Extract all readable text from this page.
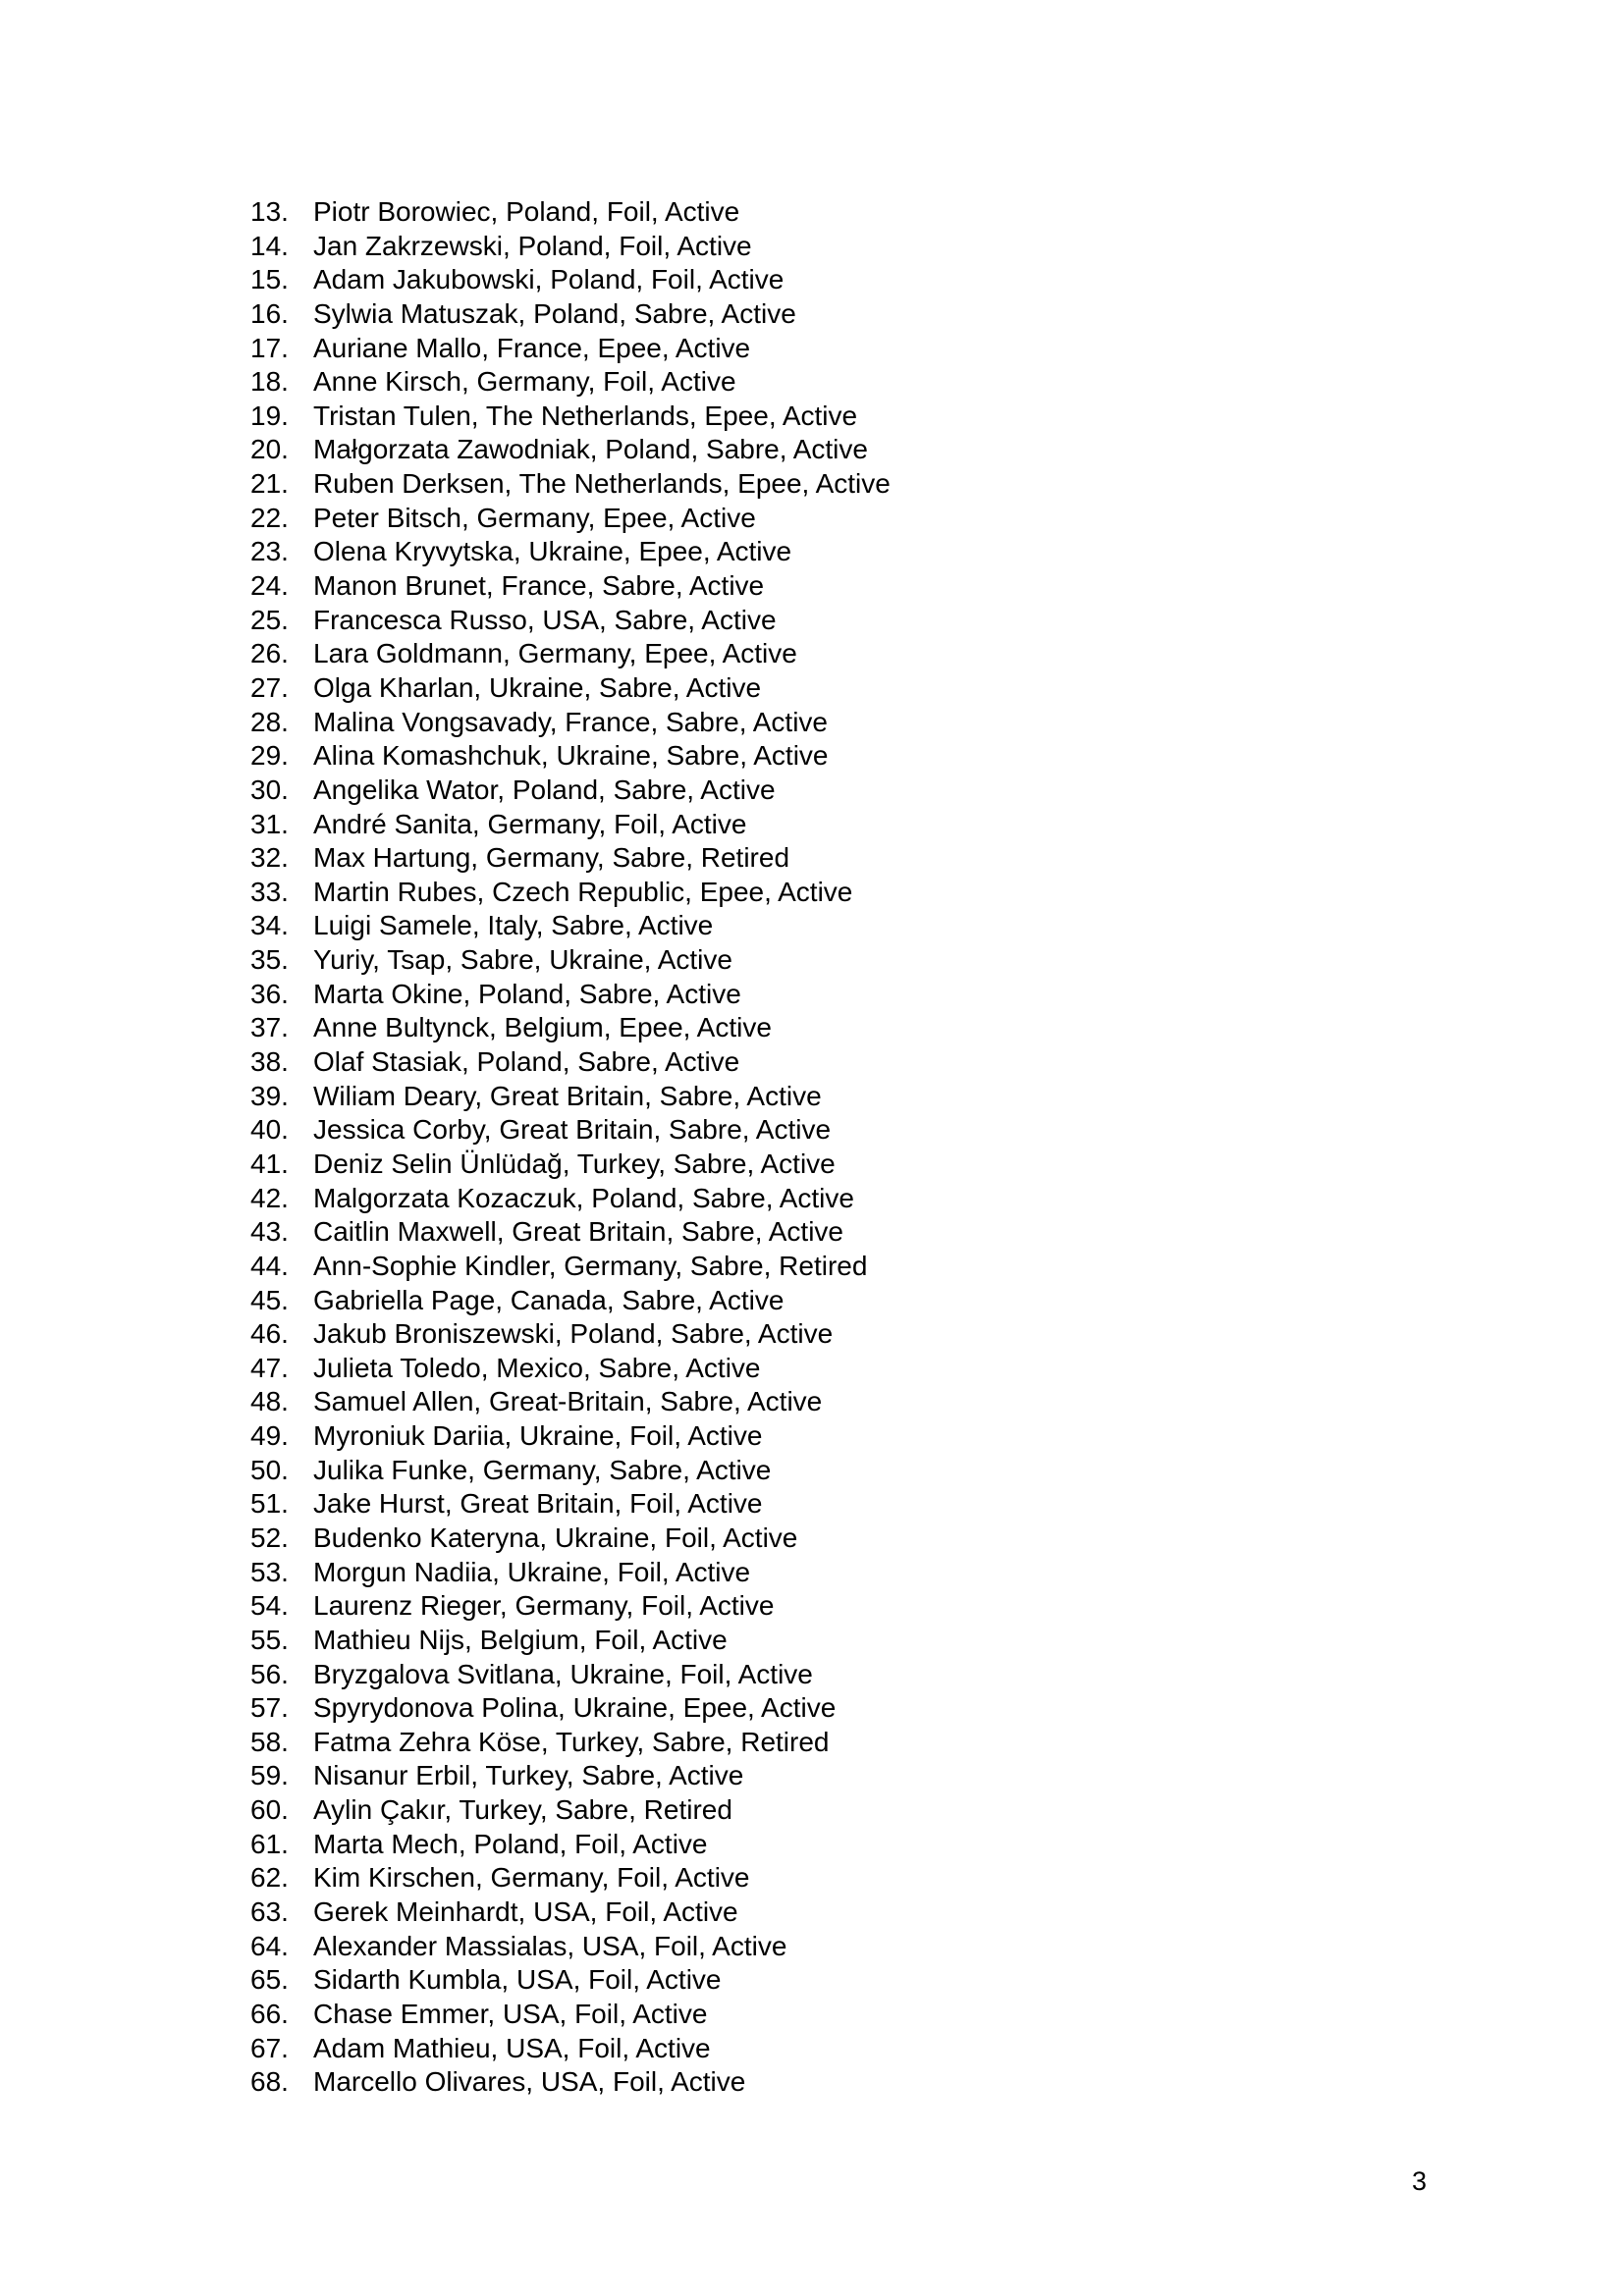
13. Piotr Borowiec, Poland, Foil, Active
14. Jan Zakrzewski, Poland, Foil, Active
15. Adam Jakubowski, Poland, Foil, Active
16. Sylwia Matuszak, Poland, Sabre, Active
17. Auriane Mallo, France, Epee, Active
18. Anne Kirsch, Germany, Foil, Active
19. Tristan Tulen, The Netherlands, Epee, Active
20. Małgorzata Zawodniak, Poland, Sabre, Active
21. Ruben Derksen, The Netherlands, Epee, Active
22. Peter Bitsch, Germany, Epee, Active
23. Olena Kryvytska, Ukraine, Epee, Active
24. Manon Brunet, France, Sabre, Active
25. Francesca Russo, USA, Sabre, Active
26. Lara Goldmann, Germany, Epee, Active
27. Olga Kharlan, Ukraine, Sabre, Active
28. Malina Vongsavady, France, Sabre, Active
29. Alina Komashchuk, Ukraine, Sabre, Active
30. Angelika Wator, Poland, Sabre, Active
31. André Sanita, Germany, Foil, Active
32. Max Hartung, Germany, Sabre, Retired
33. Martin Rubes, Czech Republic, Epee, Active
34. Luigi Samele, Italy, Sabre, Active
35. Yuriy, Tsap, Sabre, Ukraine, Active
36. Marta Okine, Poland, Sabre, Active
37. Anne Bultynck, Belgium, Epee, Active
38. Olaf Stasiak, Poland, Sabre, Active
39. Wiliam Deary, Great Britain, Sabre, Active
40. Jessica Corby, Great Britain, Sabre, Active
41. Deniz Selin Ünlüdağ, Turkey, Sabre, Active
42. Malgorzata Kozaczuk, Poland, Sabre, Active
43. Caitlin Maxwell, Great Britain, Sabre, Active
44. Ann-Sophie Kindler, Germany, Sabre, Retired
45. Gabriella Page, Canada, Sabre, Active
46. Jakub Broniszewski, Poland, Sabre, Active
47. Julieta Toledo, Mexico, Sabre, Active
48. Samuel Allen, Great-Britain, Sabre, Active
49. Myroniuk Dariia, Ukraine, Foil, Active
50. Julika Funke, Germany, Sabre, Active
51. Jake Hurst, Great Britain, Foil, Active
52. Budenko Kateryna, Ukraine, Foil, Active
53. Morgun Nadiia, Ukraine, Foil, Active
54. Laurenz Rieger, Germany, Foil, Active
55. Mathieu Nijs, Belgium, Foil, Active
56. Bryzgalova Svitlana, Ukraine, Foil, Active
57. Spyrydonova Polina, Ukraine, Epee, Active
58. Fatma Zehra Köse, Turkey, Sabre, Retired
59. Nisanur Erbil, Turkey, Sabre, Active
60. Aylin Çakır, Turkey, Sabre, Retired
61. Marta Mech, Poland, Foil, Active
62. Kim Kirschen, Germany, Foil, Active
63. Gerek Meinhardt, USA, Foil, Active
64. Alexander Massialas, USA, Foil, Active
65. Sidarth Kumbla, USA, Foil, Active
66. Chase Emmer, USA, Foil, Active
67. Adam Mathieu, USA, Foil, Active
68. Marcello Olivares, USA, Foil, Active
3
